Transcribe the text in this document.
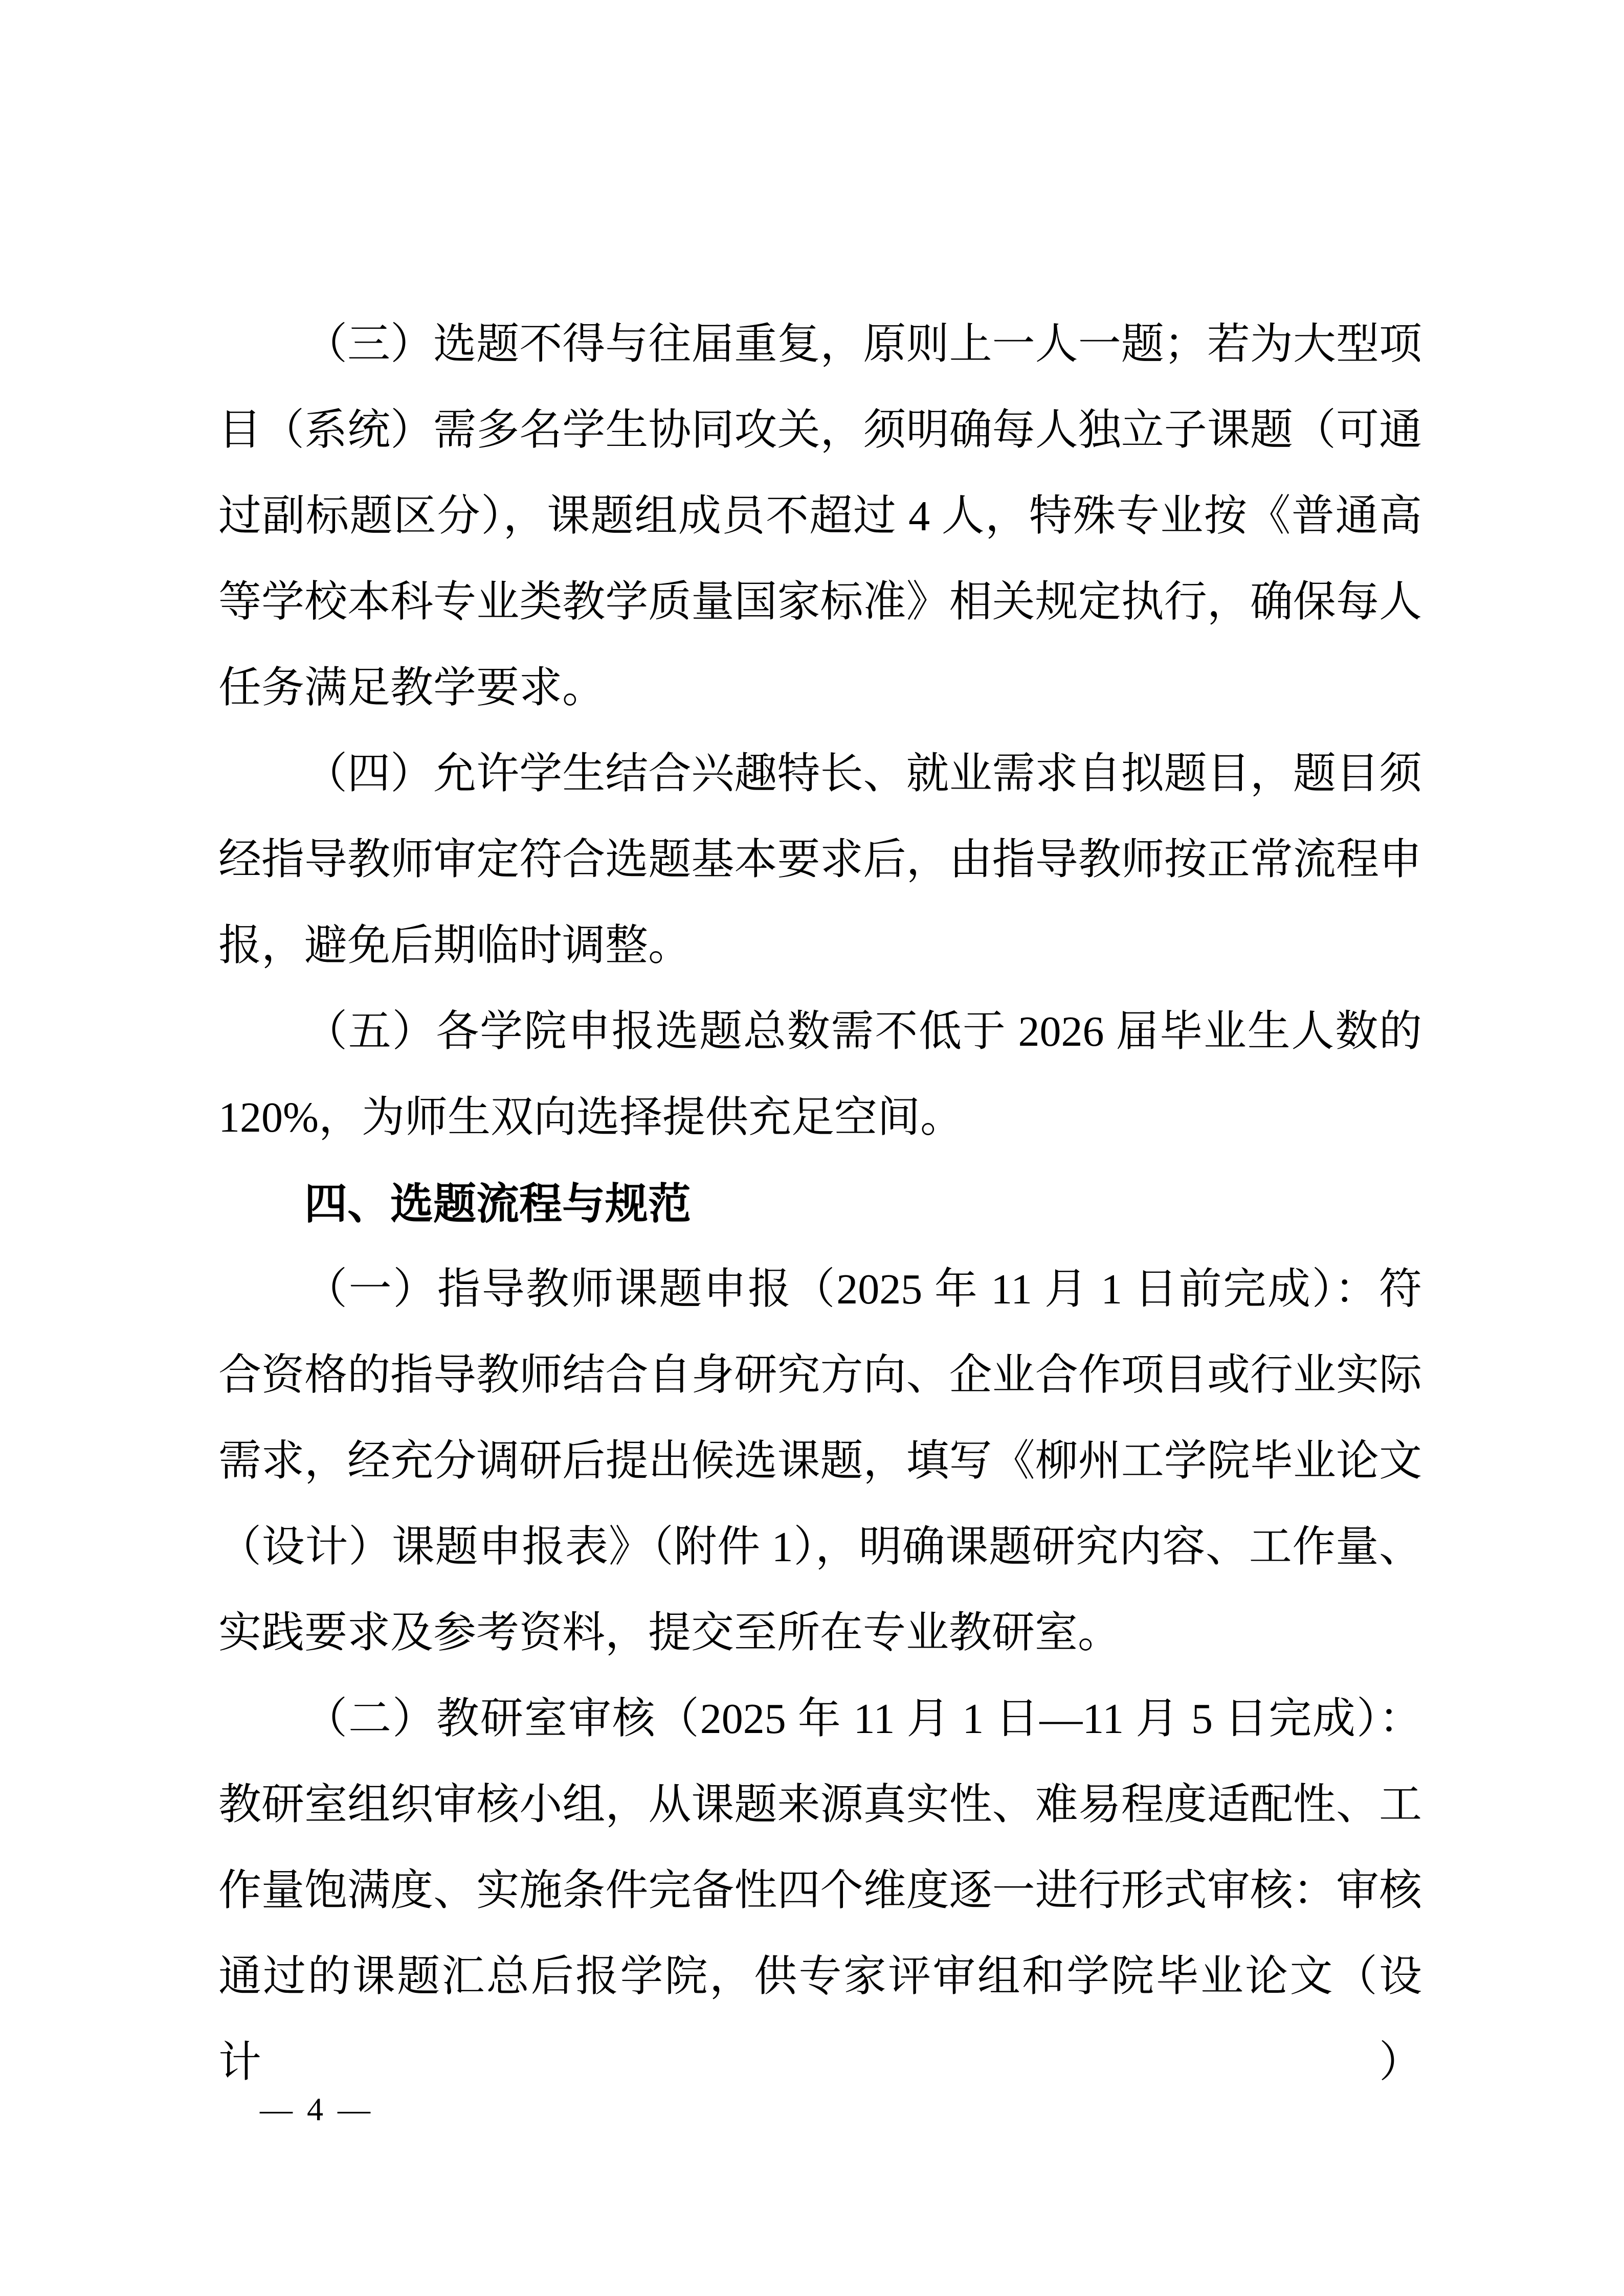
（三）选题不得与往届重复，原则上一人一题；若为大型项
目（系统）需多名学生协同攻关，须明确每人独立子课题（可通
过副标题区分），课题组成员不超过 4 人，特殊专业按《普通高
等学校本科专业类教学质量国家标准》相关规定执行，确保每人
任务满足教学要求。
（四）允许学生结合兴趣特长、就业需求自拟题目，题目须
经指导教师审定符合选题基本要求后，由指导教师按正常流程申
报，避免后期临时调整。
（五）各学院申报选题总数需不低于 2026 届毕业生人数的
120%，为师生双向选择提供充足空间。
四、选题流程与规范
（一）指导教师课题申报（2025 年 11 月 1 日前完成）：符
合资格的指导教师结合自身研究方向、企业合作项目或行业实际
需求，经充分调研后提出候选课题，填写《柳州工学院毕业论文
（设计）课题申报表》（附件 1），明确课题研究内容、工作量、
实践要求及参考资料，提交至所在专业教研室。
（二）教研室审核（2025 年 11 月 1 日—11 月 5 日完成）：
教研室组织审核小组，从课题来源真实性、难易程度适配性、工
作量饱满度、实施条件完备性四个维度逐一进行形式审核：审核
通过的课题汇总后报学院，供专家评审组和学院毕业论文（设计）
— 4 —
